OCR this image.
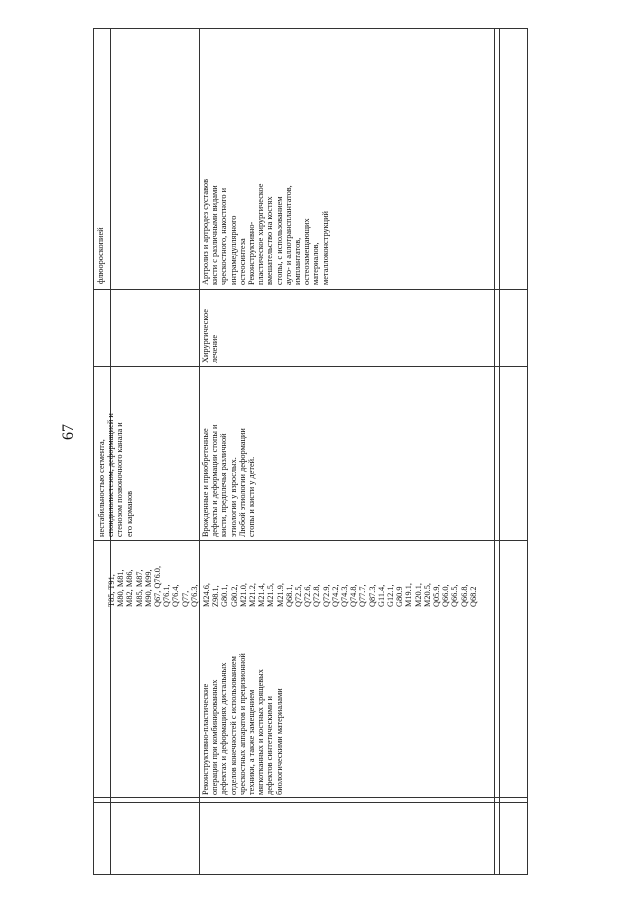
67
T85, T91,
M80, M81,
M82, M86,
M85, M87,
M90, M99,
Q67, Q76.0,
Q76.1,
Q76.4,
Q77,
Q76.3,
нестабильностью сегмента,
спондилолистезом, деформацией и
стенозом позвоночного канала и
его карманов
флюороскопией
Реконструктивно-пластические
операции при комбинированных
дефектах и деформациях дистальных
отделов конечностей с использованием
чрескостных аппаратов и прецизионной
техники, а также замещением
мягкотканных и костных хрящевых
дефектов синтетическими и
биологическими материалами
M24.6,
Z98.1,
G80.1,
G80.2,
M21.0,
M21.2,
M21.4,
M21.5,
M21.9,
Q68.1,
Q72.5,
Q72.6,
Q72.8,
Q72.9,
Q74.2,
Q74.3,
Q74.8,
Q77.7,
Q87.3,
G11.4,
G12.1,
G80.9
M19.1,
M20.1,
M20.5,
Q05.9,
Q66.0,
Q66.5,
Q66.8,
Q68.2
Врожденные и приобретенные
дефекты и деформации стопы и
кисти, предплечья различной
этиологии у взрослых.
Любой этиологии деформации
стопы и кисти у детей.
Хирургическое
лечение
Артролиз и артродез суставов
кисти с различными видами
чрескостного, накостного и
интрамедуллярного
остеосинтеза
Реконструктивно-
пластическое хирургическое
вмешательство на костях
стопы, с использованием
ауто- и аллотрансплантатов,
имплантатов,
остеозамещающих
материалов,
металлоконструкций
